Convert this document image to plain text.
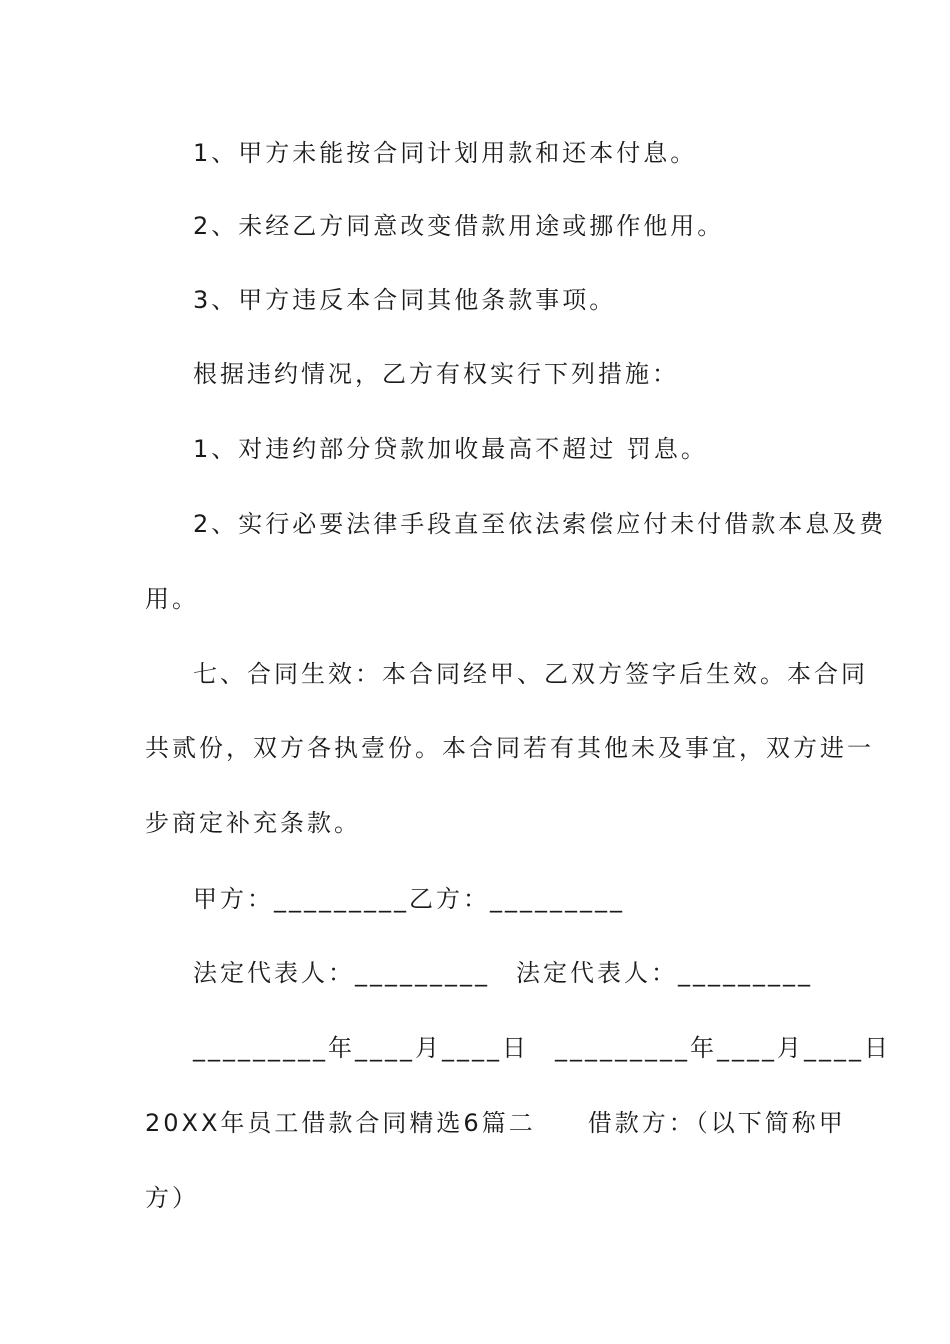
1、甲方未能按合同计划用款和还本付息。
2、未经乙方同意改变借款用途或挪作他用。
3、甲方违反本合同其他条款事项。
根据违约情况，乙方有权实行下列措施：
1、对违约部分贷款加收最高不超过 罚息。
2、实行必要法律手段直至依法索偿应付未付借款本息及费
用。
七、合同生效：本合同经甲、乙双方签字后生效。本合同
共贰份，双方各执壹份。本合同若有其他未及事宜，双方进一
步商定补充条款。
甲方：_________乙方：_________
法定代表人：_________ 法定代表人：_________
_________年____月____日 _________年____月____日
20XX年员工借款合同精选6篇二 借款方：（以下简称甲
方）
